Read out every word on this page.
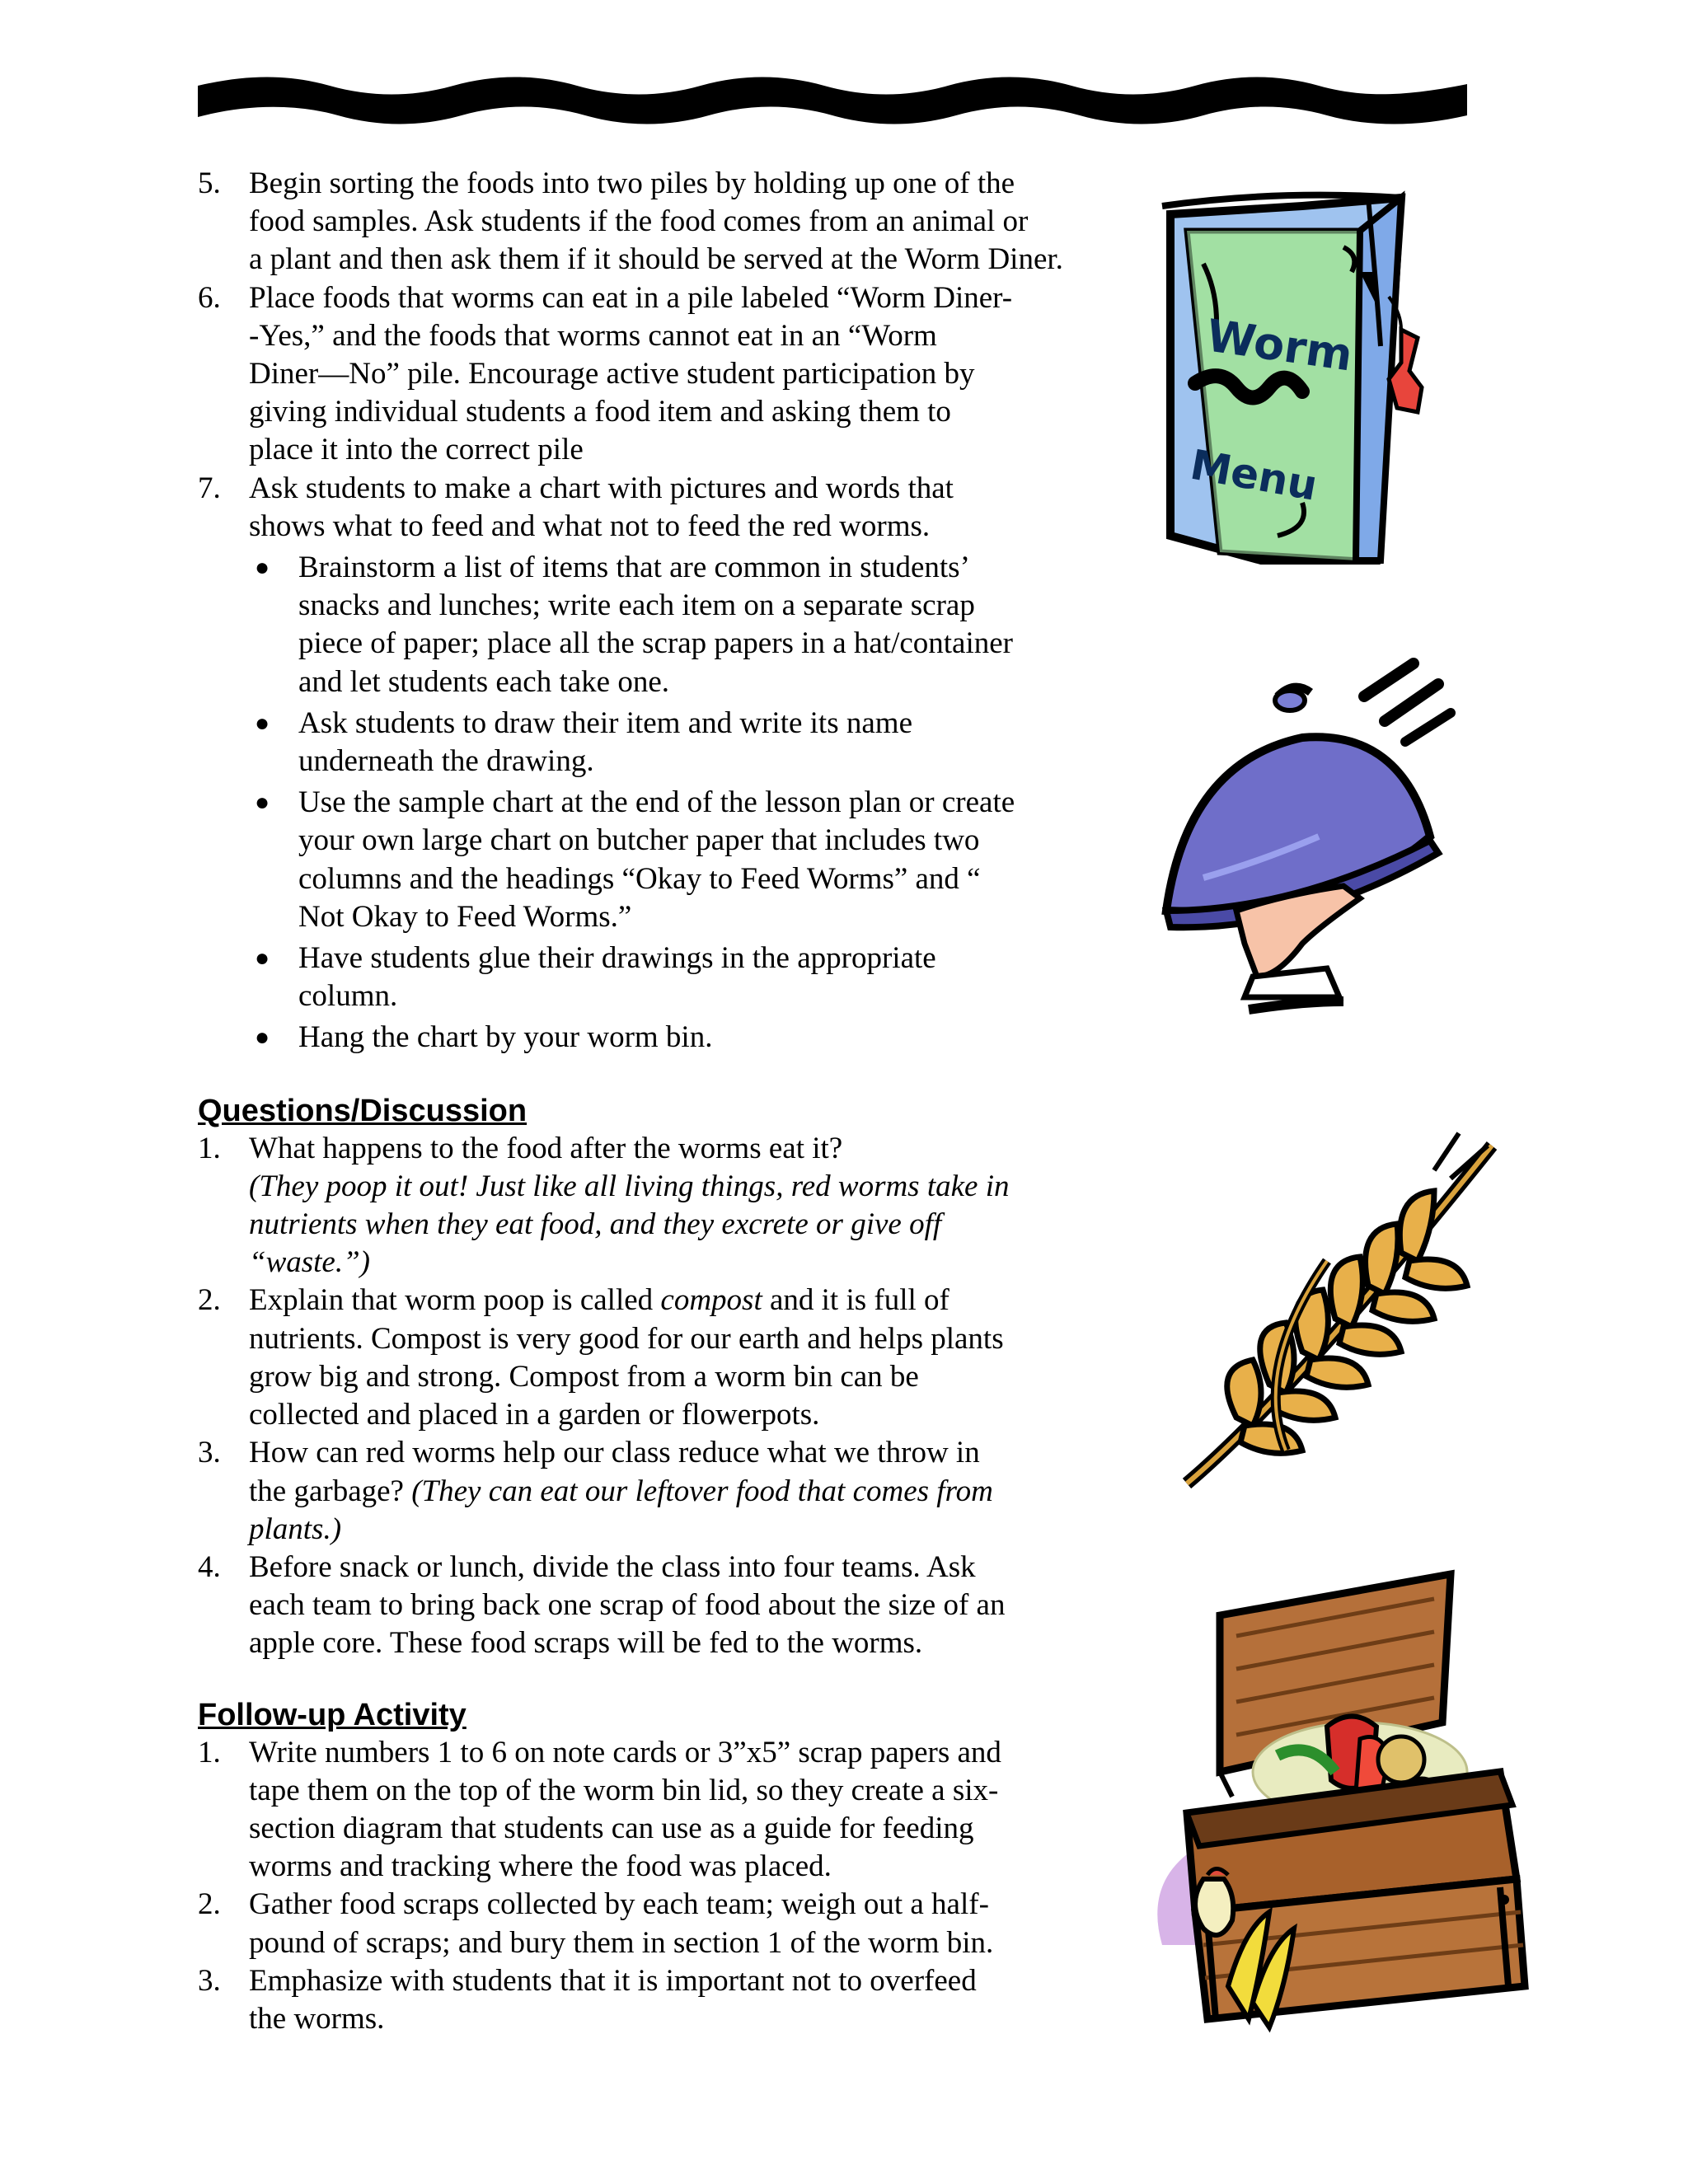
5. Begin sorting the foods into two piles by holding up one of the
food samples. Ask students if the food comes from an animal or
a plant and then ask them if it should be served at the Worm Diner.
6. Place foods that worms can eat in a pile labeled “Worm Diner-
-Yes,” and the foods that worms cannot eat in an “Worm
Diner—No” pile. Encourage active student participation by
giving individual students a food item and asking them to
place it into the correct pile
7. Ask students to make a chart with pictures and words that
shows what to feed and what not to feed the red worms.
● Brainstorm a list of items that are common in students’
snacks and lunches; write each item on a separate scrap
piece of paper; place all the scrap papers in a hat/container
and let students each take one.
● Ask students to draw their item and write its name
underneath the drawing.
● Use the sample chart at the end of the lesson plan or create
your own large chart on butcher paper that includes two
columns and the headings “Okay to Feed Worms” and “
Not Okay to Feed Worms.”
● Have students glue their drawings in the appropriate
column.
● Hang the chart by your worm bin.
Questions/Discussion
1. What happens to the food after the worms eat it?
(They poop it out! Just like all living things, red worms take in
nutrients when they eat food, and they excrete or give off
“waste.”)
2. Explain that worm poop is called compost and it is full of
nutrients. Compost is very good for our earth and helps plants
grow big and strong. Compost from a worm bin can be
collected and placed in a garden or flowerpots.
3. How can red worms help our class reduce what we throw in
the garbage? (They can eat our leftover food that comes from
plants.)
4. Before snack or lunch, divide the class into four teams. Ask
each team to bring back one scrap of food about the size of an
apple core. These food scraps will be fed to the worms.
Follow-up Activity
1. Write numbers 1 to 6 on note cards or 3”x5” scrap papers and
tape them on the top of the worm bin lid, so they create a six-
section diagram that students can use as a guide for feeding
worms and tracking where the food was placed.
2. Gather food scraps collected by each team; weigh out a half-
pound of scraps; and bury them in section 1 of the worm bin.
3. Emphasize with students that it is important not to overfeed
the worms.
Worm
Menu
